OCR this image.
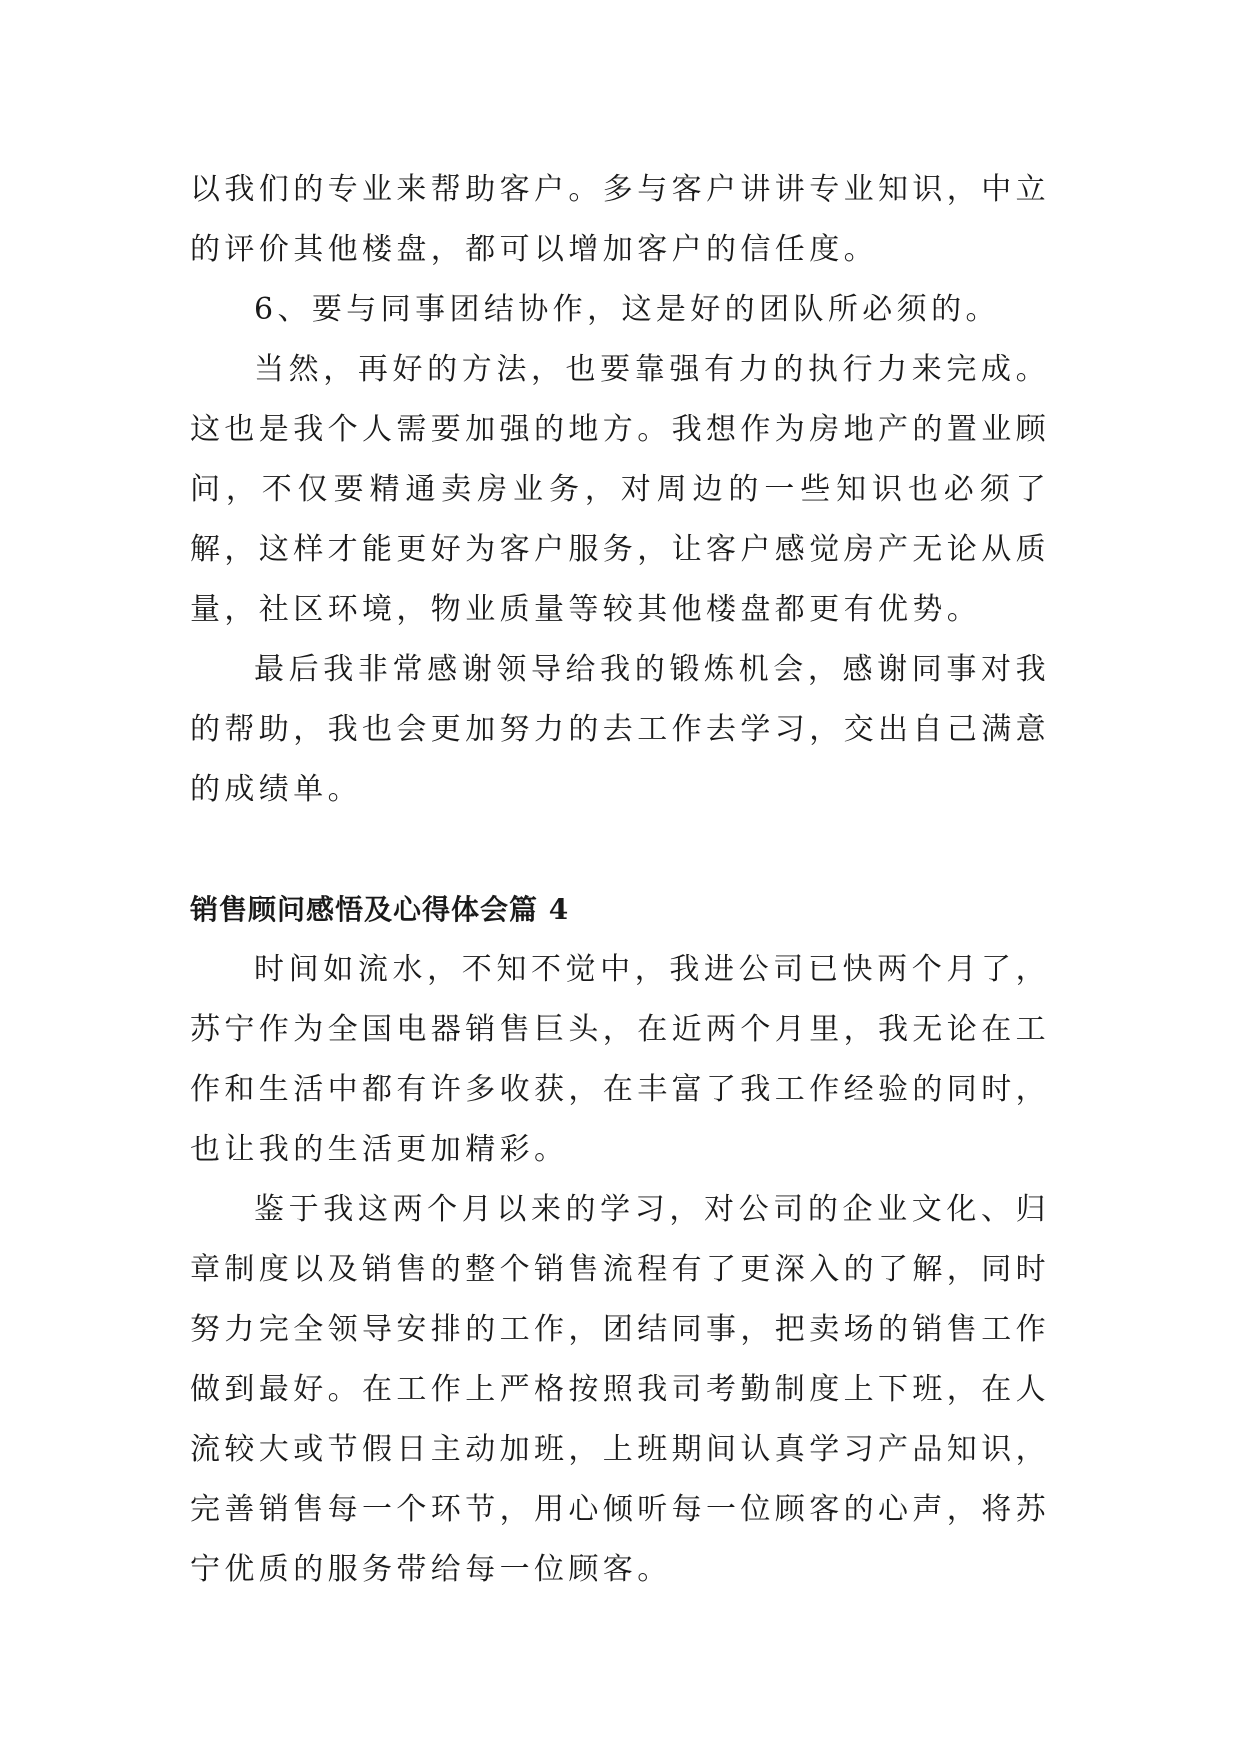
以我们的专业来帮助客户。多与客户讲讲专业知识，中立的评价其他楼盘，都可以增加客户的信任度。

6、要与同事团结协作，这是好的团队所必须的。

当然，再好的方法，也要靠强有力的执行力来完成。这也是我个人需要加强的地方。我想作为房地产的置业顾问，不仅要精通卖房业务，对周边的一些知识也必须了解，这样才能更好为客户服务，让客户感觉房产无论从质量，社区环境，物业质量等较其他楼盘都更有优势。

最后我非常感谢领导给我的锻炼机会，感谢同事对我的帮助，我也会更加努力的去工作去学习，交出自己满意的成绩单。

销售顾问感悟及心得体会篇 4

时间如流水，不知不觉中，我进公司已快两个月了，苏宁作为全国电器销售巨头，在近两个月里，我无论在工作和生活中都有许多收获，在丰富了我工作经验的同时，也让我的生活更加精彩。

鉴于我这两个月以来的学习，对公司的企业文化、归章制度以及销售的整个销售流程有了更深入的了解，同时努力完全领导安排的工作，团结同事，把卖场的销售工作做到最好。在工作上严格按照我司考勤制度上下班，在人流较大或节假日主动加班，上班期间认真学习产品知识，完善销售每一个环节，用心倾听每一位顾客的心声，将苏宁优质的服务带给每一位顾客。
